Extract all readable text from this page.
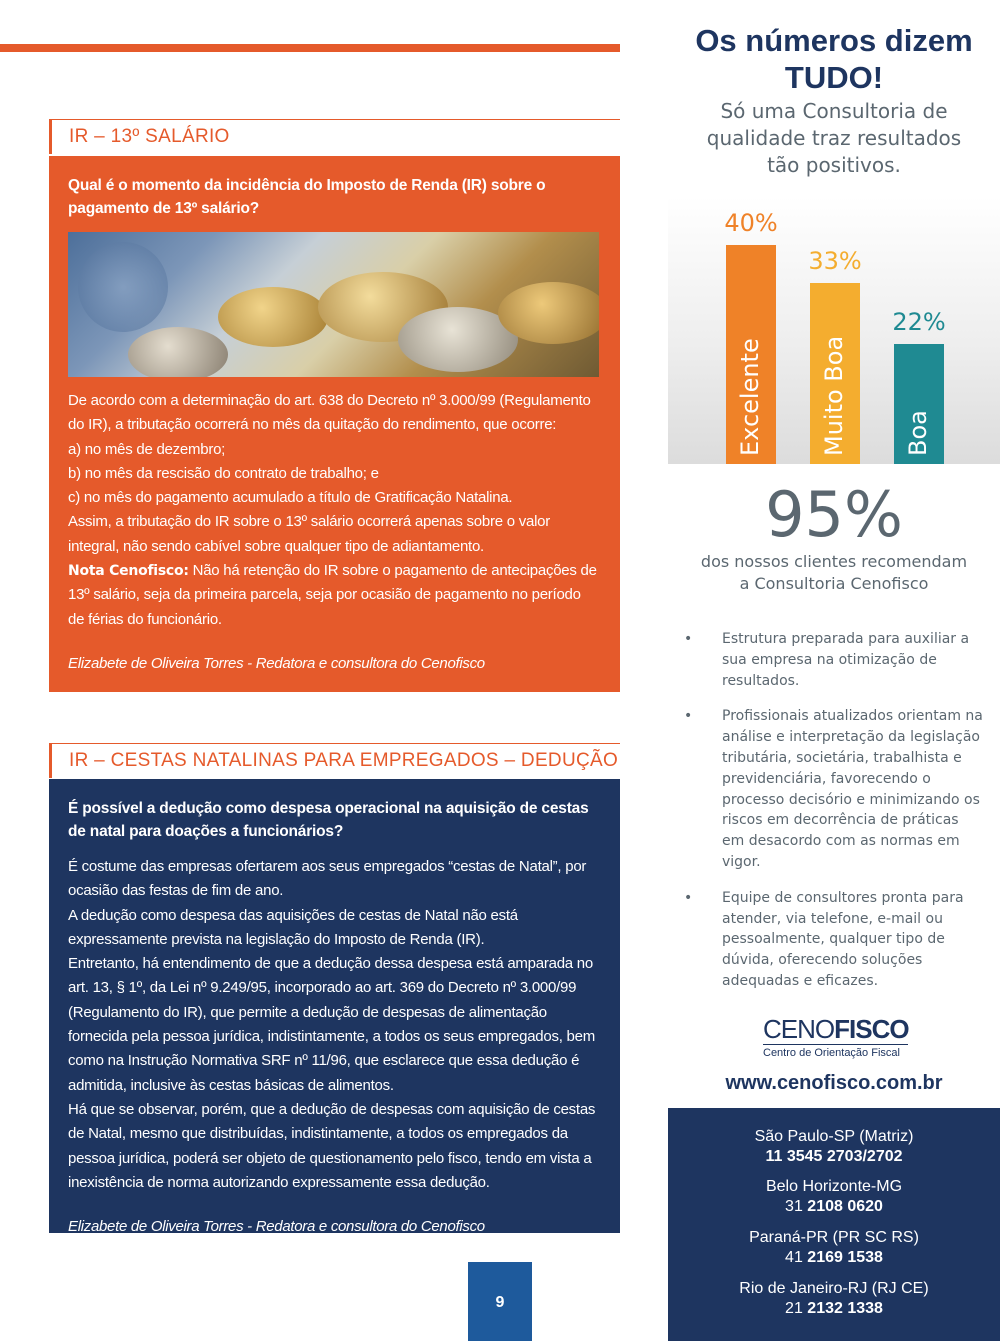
IR – 13º SALÁRIO

Qual é o momento da incidência do Imposto de Renda (IR) sobre o pagamento de 13º salário?

De acordo com a determinação do art. 638 do Decreto nº 3.000/99 (Regulamento do IR), a tributação ocorrerá no mês da quitação do rendimento, que ocorre:

a) no mês de dezembro;

b) no mês da rescisão do contrato de trabalho; e

c) no mês do pagamento acumulado a título de Gratificação Natalina.

Assim, a tributação do IR sobre o 13º salário ocorrerá apenas sobre o valor integral, não sendo cabível sobre qualquer tipo de adiantamento.

Nota Cenofisco: Não há retenção do IR sobre o pagamento de antecipações de 13º salário, seja da primeira parcela, seja por ocasião de pagamento no período de férias do funcionário.

Elizabete de Oliveira Torres - Redatora e consultora do Cenofisco
IR – CESTAS NATALINAS PARA EMPREGADOS – DEDUÇÃO

É possível a dedução como despesa operacional na aquisição de cestas de natal para doações a funcionários?

É costume das empresas ofertarem aos seus empregados “cestas de Natal”, por ocasião das festas de fim de ano.

A dedução como despesa das aquisições de cestas de Natal não está expressamente prevista na legislação do Imposto de Renda (IR).

Entretanto, há entendimento de que a dedução dessa despesa está amparada no art. 13, § 1º, da Lei nº 9.249/95, incorporado ao art. 369 do Decreto nº 3.000/99 (Regulamento do IR), que permite a dedução de despesas de alimentação fornecida pela pessoa jurídica, indistintamente, a todos os seus empregados, bem como na Instrução Normativa SRF nº 11/96, que esclarece que essa dedução é admitida, inclusive às cestas básicas de alimentos.

Há que se observar, porém, que a dedução de despesas com aquisição de cestas de Natal, mesmo que distribuídas, indistintamente, a todos os empregados da pessoa jurídica, poderá ser objeto de questionamento pelo fisco, tendo em vista a inexistência de norma autorizando expressamente essa dedução.

Elizabete de Oliveira Torres - Redatora e consultora do Cenofisco
9
Os números dizem
TUDO!
Só uma Consultoria de
qualidade traz resultados
tão positivos.
Excelente
40%
Muito Boa
33%
Boa
22%
95%
dos nossos clientes recomendam
a Consultoria Cenofisco
• Estrutura preparada para auxiliar a sua empresa na otimização de resultados.
• Profissionais atualizados orientam na análise e interpretação da legislação tributária, societária, trabalhista e previdenciária, favorecendo o processo decisório e minimizando os riscos em decorrência de práticas em desacordo com as normas em vigor.
• Equipe de consultores pronta para atender, via telefone, e-mail ou pessoalmente, qualquer tipo de dúvida, oferecendo soluções adequadas e eficazes.
CENOFISCO
Centro de Orientação Fiscal
www.cenofisco.com.br
São Paulo-SP (Matriz)
11 3545 2703/2702
Belo Horizonte-MG
31 2108 0620
Paraná-PR (PR SC RS)
41 2169 1538
Rio de Janeiro-RJ (RJ CE)
21 2132 1338
